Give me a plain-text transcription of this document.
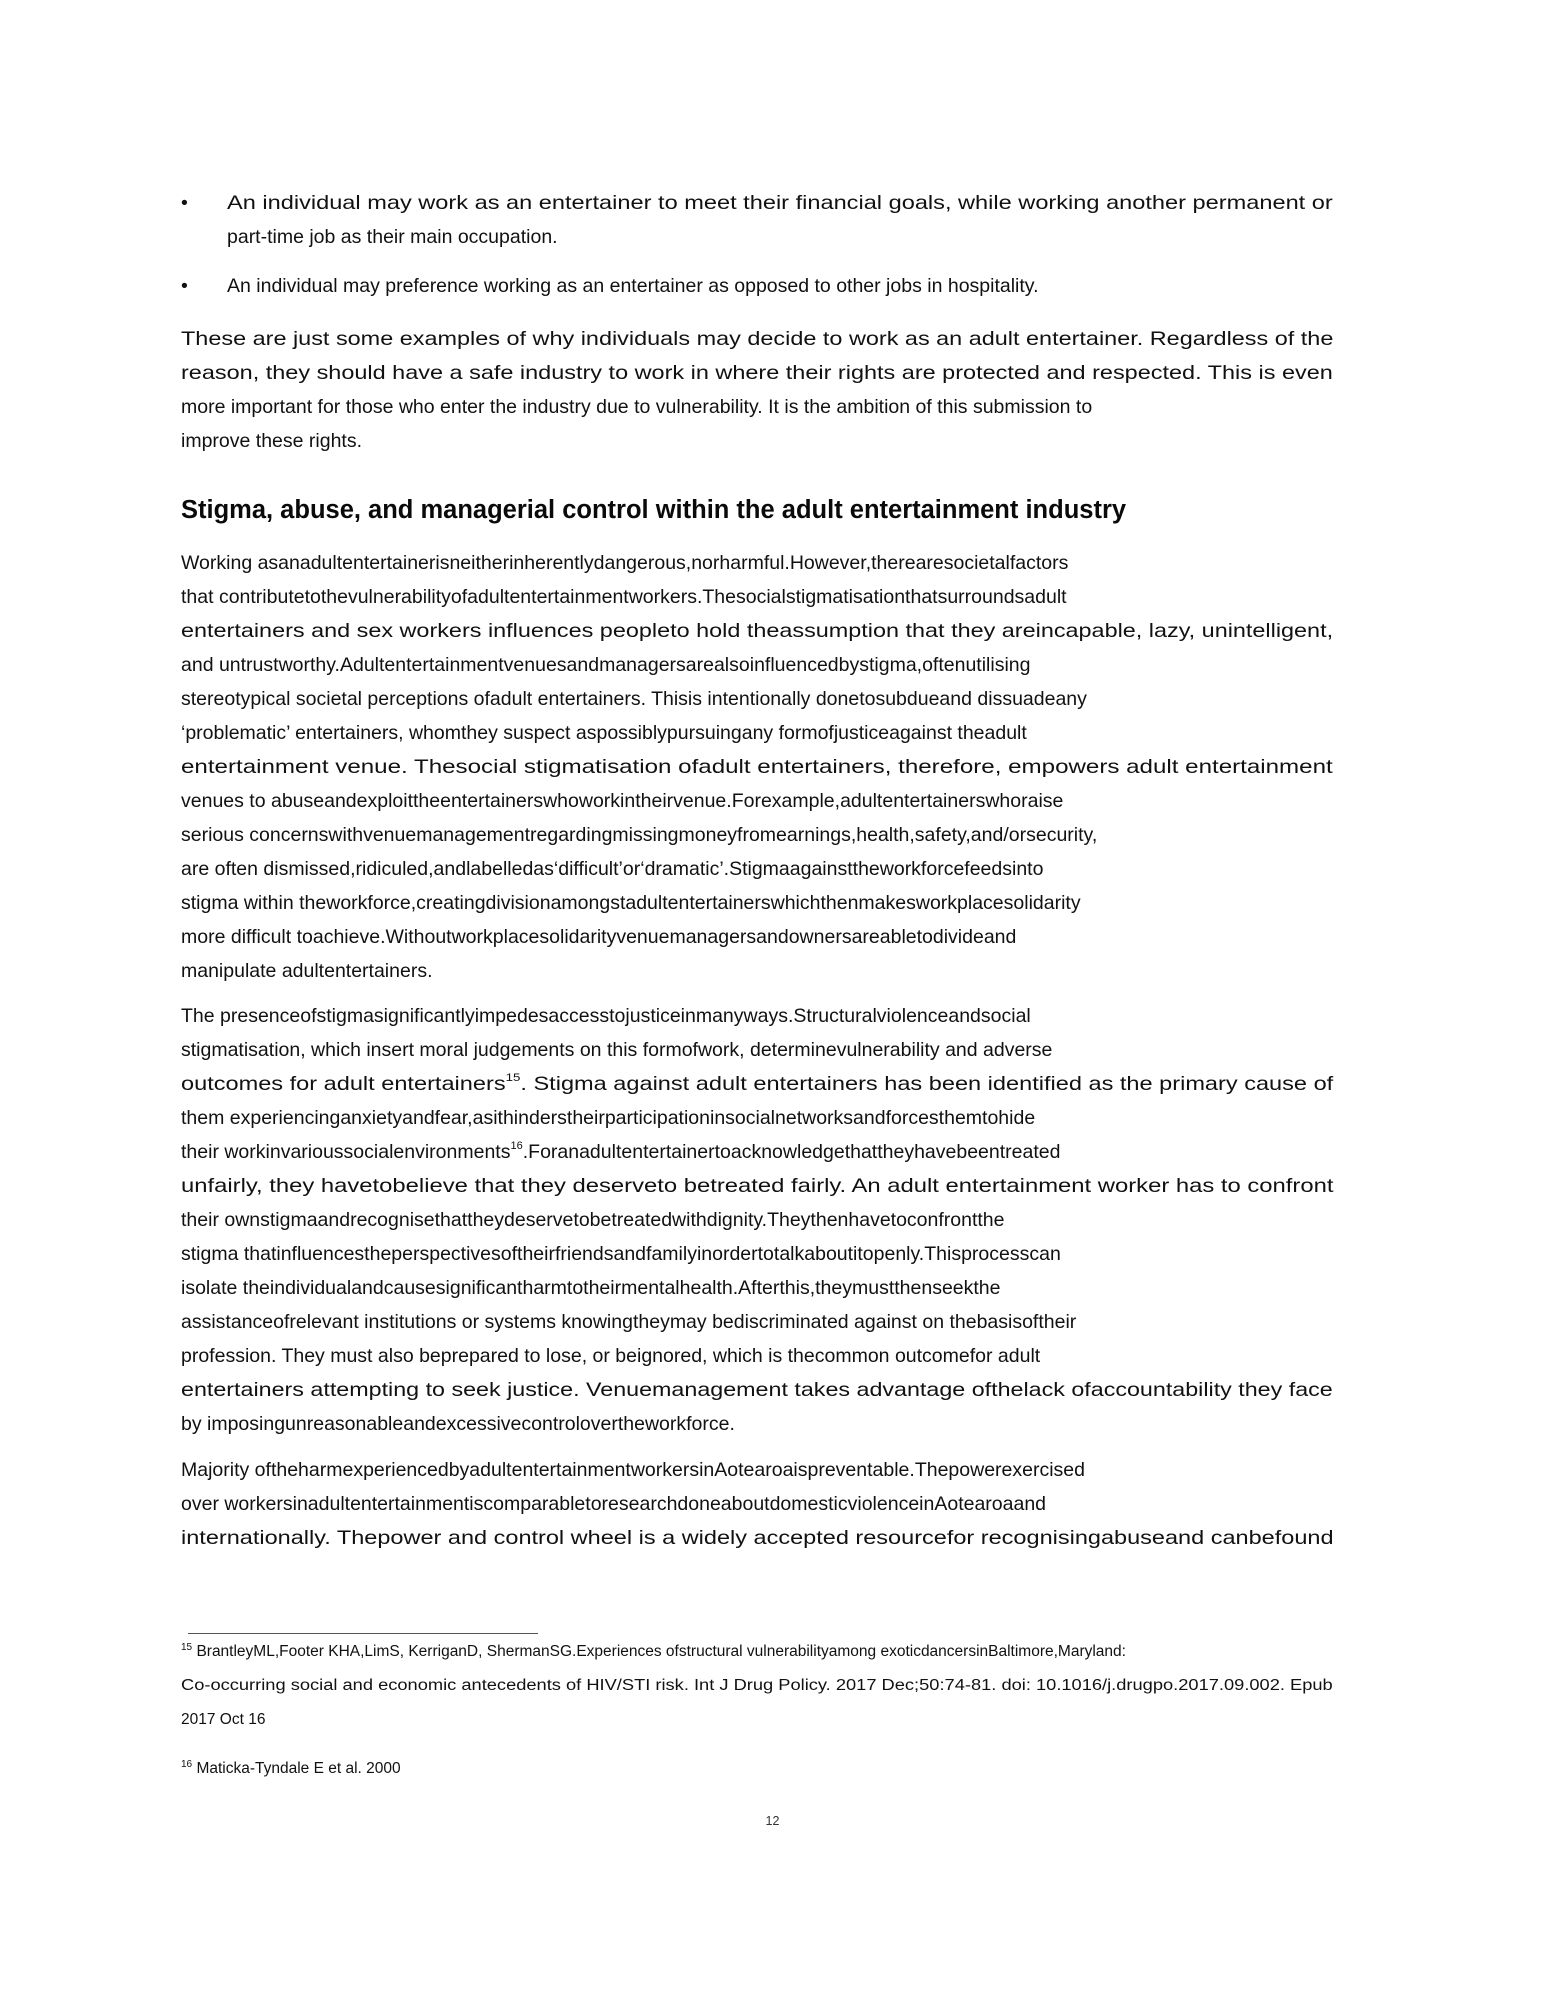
•	An individual may work as an entertainer to meet their financial goals, while working another permanent or
part-time job as their main occupation.
•	An individual may preference working as an entertainer as opposed to other jobs in hospitality.
These are just some examples of why individuals may decide to work as an adult entertainer. Regardless of the
reason, they should have a safe industry to work in where their rights are protected and respected. This is even
more important for those who enter the industry due to vulnerability. It is the ambition of this submission to
improve these rights.
Stigma, abuse, and managerial control within the adult entertainment industry
Working asanadultentertainerisneitherinherentlydangerous,norharmful.However,therearesocietalfactors
that contributetothevulnerabilityofadultentertainmentworkers.Thesocialstigmatisationthatsurroundsadult
entertainers and sex workers influences peopleto hold theassumption that they areincapable, lazy, unintelligent,
and untrustworthy.Adultentertainmentvenuesandmanagersarealsoinfluencedbystigma,oftenutilising
stereotypical societal perceptions ofadult entertainers. Thisis intentionally donetosubdueand dissuadeany
‘problematic’ entertainers, whomthey suspect aspossiblypursuingany formofjusticeagainst theadult
entertainment venue. Thesocial stigmatisation ofadult entertainers, therefore, empowers adult entertainment
venues to abuseandexploittheentertainerswhoworkintheirvenue.Forexample,adultentertainerswhoraise
serious concernswithvenuemanagementregardingmissingmoneyfromearnings,health,safety,and/orsecurity,
are often dismissed,ridiculed,andlabelledas‘difficult’or‘dramatic’.Stigmaagainsttheworkforcefeedsinto
stigma within theworkforce,creatingdivisionamongstadultentertainerswhichthenmakesworkplacesolidarity
more difficult toachieve.Withoutworkplacesolidarityvenuemanagersandownersareabletodivideand
manipulate adultentertainers.
The presenceofstigmasignificantlyimpedesaccesstojusticeinmanyways.Structuralviolenceandsocial
stigmatisation, which insert moral judgements on this formofwork, determinevulnerability and adverse
outcomes for adult entertainers$^{15}$. Stigma against adult entertainers has been identified as the primary cause of
them experiencinganxietyandfear,asithinderstheirparticipationinsocialnetworksandforcesthemtohide
their workinvarioussocialenvironments$^{16}$.Foranadultentertainertoacknowledgethattheyhavebeentreated
unfairly, they havetobelieve that they deserveto betreated fairly. An adult entertainment worker has to confront
their ownstigmaandrecognisethattheydeservetobetreatedwithdignity.Theythenhavetoconfrontthe
stigma thatinfluencestheperspectivesoftheirfriendsandfamilyinordertotalkaboutitopenly.Thisprocesscan
isolate theindividualandcausesignificantharmtotheirmentalhealth.Afterthis,theymustthenseekthe
assistanceofrelevant institutions or systems knowingtheymay bediscriminated against on thebasisoftheir
profession. They must also beprepared to lose, or beignored, which is thecommon outcomefor adult
entertainers attempting to seek justice. Venuemanagement takes advantage ofthelack ofaccountability they face
by imposingunreasonableandexcessivecontrolovertheworkforce.
Majority oftheharmexperiencedbyadultentertainmentworkersinAotearoaispreventable.Thepowerexercised
over workersinadultentertainmentiscomparabletoresearchdoneaboutdomesticviolenceinAotearoaand
internationally. Thepower and control wheel is a widely accepted resourcefor recognisingabuseand canbefound
$^{15}$ BrantleyML,Footer KHA,LimS, KerriganD, ShermanSG.Experiences ofstructural vulnerabilityamong exoticdancersinBaltimore,Maryland:
Co-occurring social and economic antecedents of HIV/STI risk. Int J Drug Policy. 2017 Dec;50:74-81. doi: 10.1016/j.drugpo.2017.09.002. Epub
2017 Oct 16
$^{16}$ Maticka-Tyndale E et al. 2000
12
